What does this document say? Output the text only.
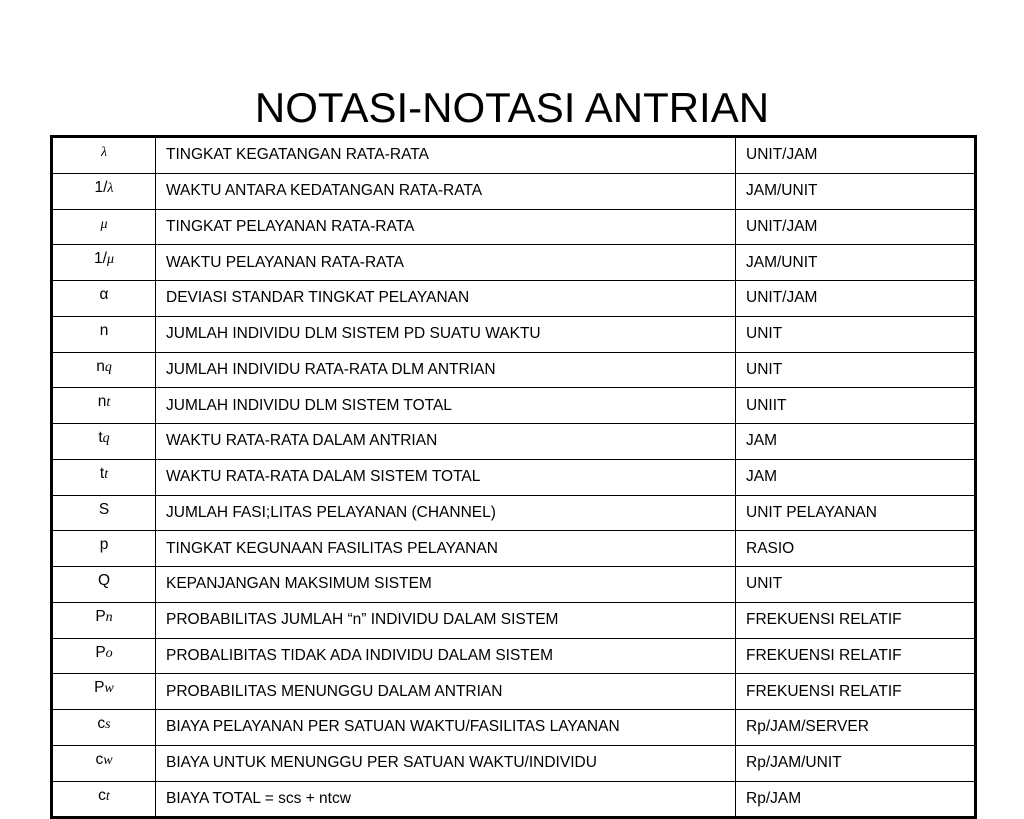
NOTASI-NOTASI ANTRIAN
λ	TINGKAT KEGATANGAN RATA-RATA	UNIT/JAM
1/λ	WAKTU ANTARA KEDATANGAN RATA-RATA	JAM/UNIT
μ	TINGKAT PELAYANAN RATA-RATA	UNIT/JAM
1/μ	WAKTU PELAYANAN RATA-RATA	JAM/UNIT
α	DEVIASI STANDAR TINGKAT PELAYANAN	UNIT/JAM
n	JUMLAH INDIVIDU DLM SISTEM PD SUATU WAKTU	UNIT
nq	JUMLAH INDIVIDU RATA-RATA DLM ANTRIAN	UNIT
nt	JUMLAH INDIVIDU DLM SISTEM TOTAL	UNIIT
tq	WAKTU RATA-RATA DALAM ANTRIAN	JAM
tt	WAKTU RATA-RATA DALAM SISTEM TOTAL	JAM
S	JUMLAH FASI;LITAS PELAYANAN (CHANNEL)	UNIT PELAYANAN
p	TINGKAT KEGUNAAN FASILITAS PELAYANAN	RASIO
Q	KEPANJANGAN MAKSIMUM SISTEM	UNIT
Pn	PROBABILITAS JUMLAH “n” INDIVIDU DALAM SISTEM	FREKUENSI RELATIF
Po	PROBALIBITAS TIDAK ADA INDIVIDU DALAM SISTEM	FREKUENSI RELATIF
Pw	PROBABILITAS MENUNGGU DALAM ANTRIAN	FREKUENSI RELATIF
cs	BIAYA PELAYANAN PER SATUAN WAKTU/FASILITAS LAYANAN	Rp/JAM/SERVER
cw	BIAYA UNTUK MENUNGGU PER SATUAN WAKTU/INDIVIDU	Rp/JAM/UNIT
ct	BIAYA TOTAL = scs + ntcw	Rp/JAM
